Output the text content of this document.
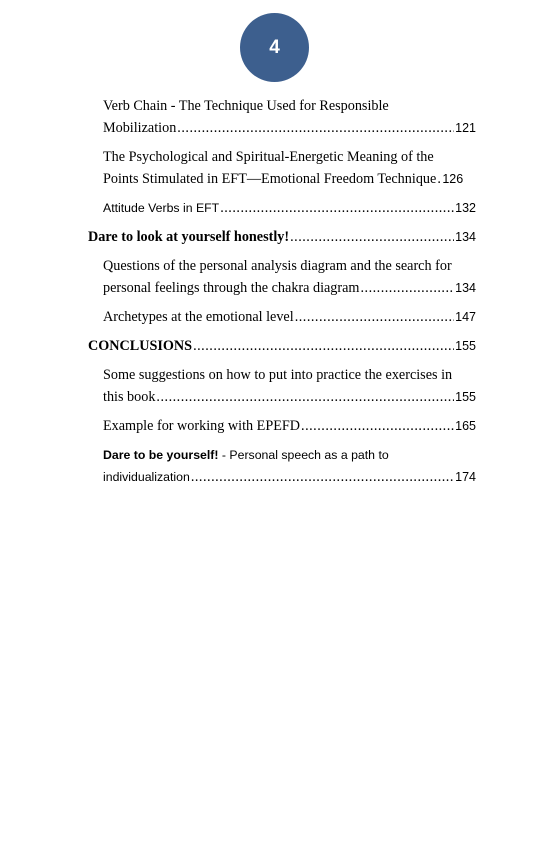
4
Verb Chain - The Technique Used for Responsible
Mobilization .....	121
The Psychological and Spiritual-Energetic Meaning of the
Points Stimulated in EFT—Emotional Freedom Technique ..... 126
Attitude Verbs in EFT .....	132
Dare to look at yourself honestly! .....	134
Questions of the personal analysis diagram and the search for
personal feelings through the chakra diagram .....	134
Archetypes at the emotional level .....	147
CONCLUSIONS .....	155
Some suggestions on how to put into practice the exercises in
this book .....	155
Example for working with EPEFD .....	165
Dare to be yourself! - Personal speech as a path to
individualization .....	174
